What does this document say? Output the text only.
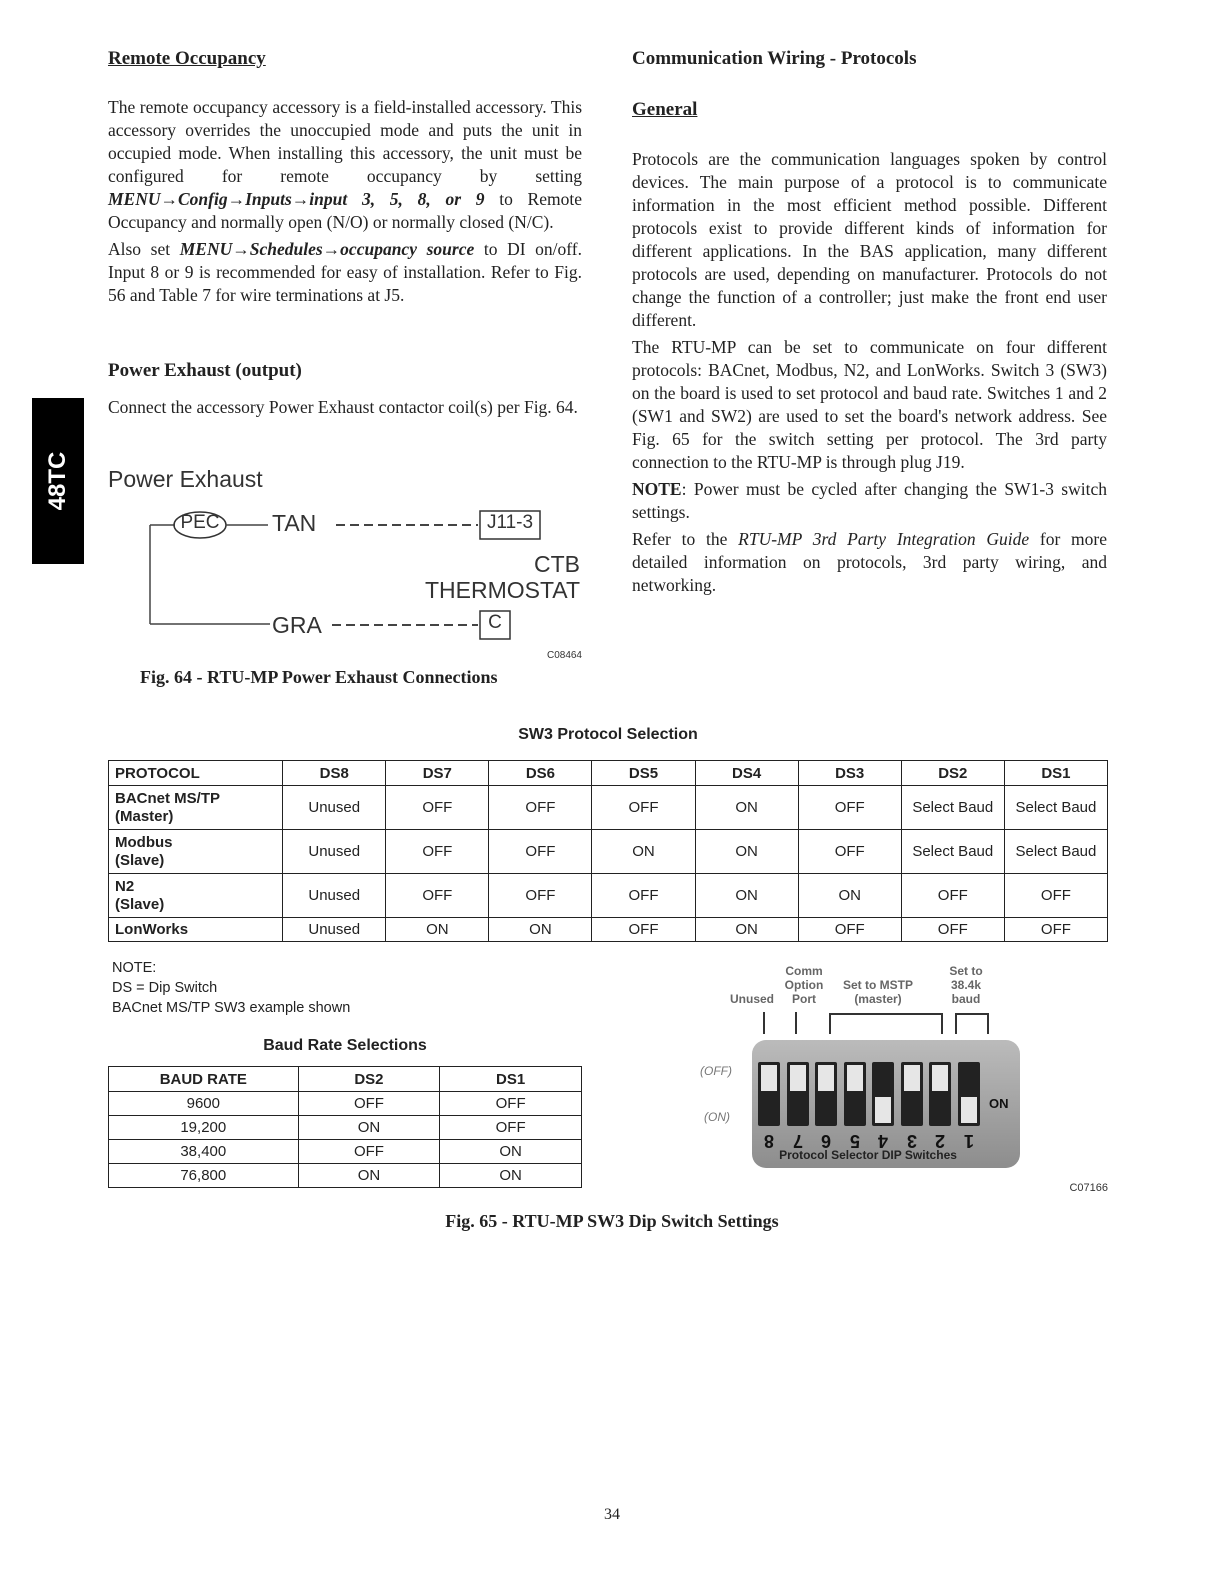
48TC
Remote Occupancy

The remote occupancy accessory is a field-installed accessory. This accessory overrides the unoccupied mode and puts the unit in occupied mode. When installing this accessory, the unit must be configured for remote occupancy by setting MENU→Config→Inputs→input 3, 5, 8, or 9 to Remote Occupancy and normally open (N/O) or normally closed (N/C).

Also set MENU→Schedules→occupancy source to DI on/off. Input 8 or 9 is recommended for easy of installation. Refer to Fig. 56 and Table 7 for wire terminations at J5.

Power Exhaust (output)
Connect the accessory Power Exhaust contactor coil(s) per Fig. 64.
Power Exhaust
PEC TAN	J11-3
CTB
THERMOSTAT
GRA	C
C08464
Fig. 64 - RTU-MP Power Exhaust Connections
Communication Wiring - Protocols
General

Protocols are the communication languages spoken by control devices. The main purpose of a protocol is to communicate information in the most efficient method possible. Different protocols exist to provide different kinds of information for different applications. In the BAS application, many different protocols are used, depending on manufacturer. Protocols do not change the function of a controller; just make the front end user different.

The RTU-MP can be set to communicate on four different protocols: BACnet, Modbus, N2, and LonWorks. Switch 3 (SW3) on the board is used to set protocol and baud rate. Switches 1 and 2 (SW1 and SW2) are used to set the board's network address. See Fig. 65 for the switch setting per protocol. The 3rd party connection to the RTU-MP is through plug J19.

NOTE: Power must be cycled after changing the SW1-3 switch settings.

Refer to the RTU-MP 3rd Party Integration Guide for more detailed information on protocols, 3rd party wiring, and networking.

SW3 Protocol Selection
PROTOCOL	DS8	DS7	DS6	DS5	DS4	DS3	DS2	DS1

BACnet MS/TP
(Master)	Unused	OFF	OFF	OFF	ON	OFF	Select Baud	Select Baud

Modbus
(Slave)	Unused	OFF	OFF	ON	ON	OFF	Select Baud	Select Baud

N2
(Slave)	Unused	OFF	OFF	OFF	ON	ON	OFF	OFF

LonWorks	Unused	ON	ON	OFF	ON	OFF	OFF	OFF
NOTE:
DS = Dip Switch
BACnet MS/TP SW3 example shown
Baud Rate Selections
BAUD RATE	DS2	DS1
9600	OFF	OFF
19,200	ON	OFF
38,400	OFF	ON
76,800	ON	ON
Unused
Comm
Option
Port
Set to MSTP
(master)
Set to
38.4k
baud
(OFF)
(ON)
ON
Protocol Selector DIP Switches
8	7	6	5	4	3	2	1
C07166
Fig. 65 - RTU-MP SW3 Dip Switch Settings
34
